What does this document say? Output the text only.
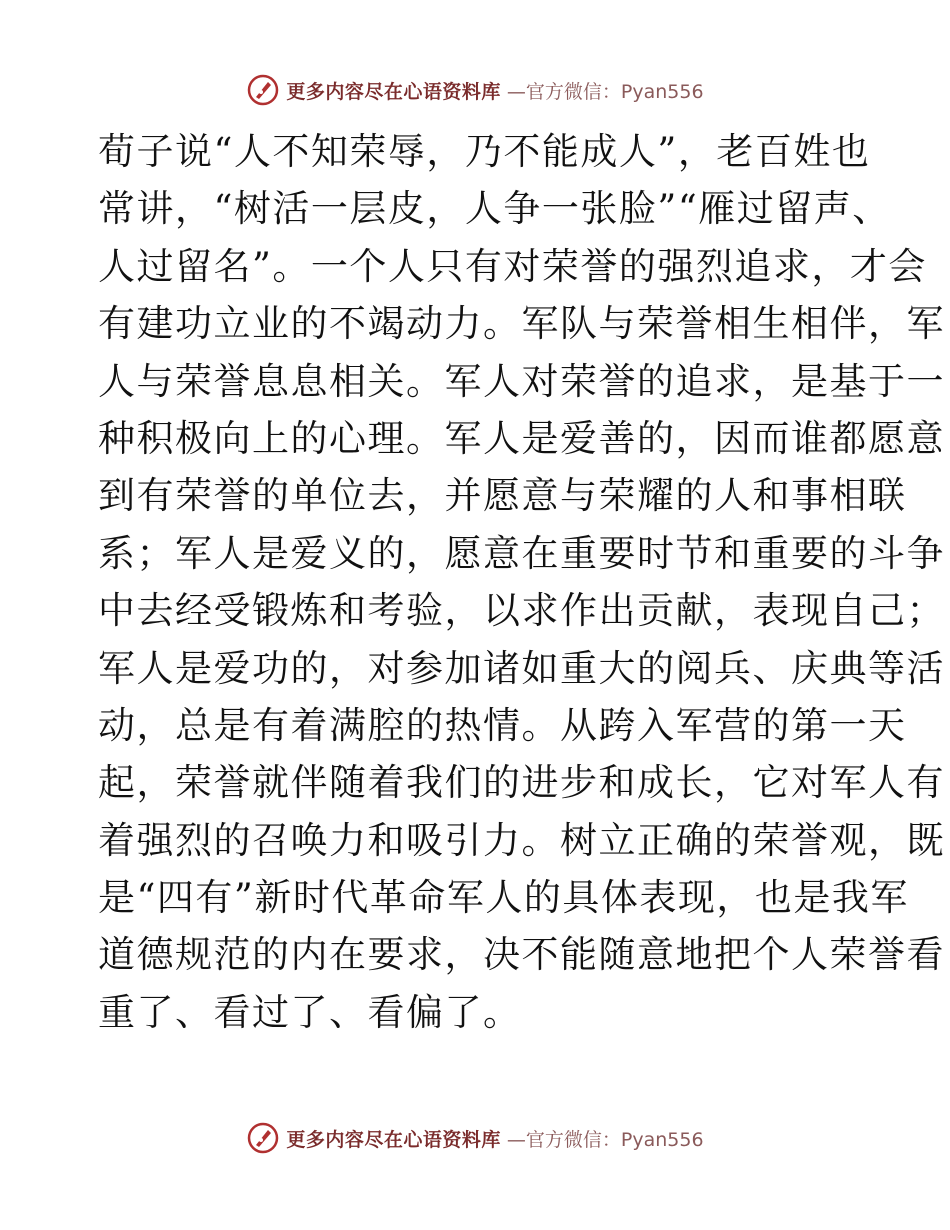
更多内容尽在心语资料库 —官方微信：Pyan556
荀子说“人不知荣辱，乃不能成人”，老百姓也
常讲，“树活一层皮，人争一张脸”“雁过留声、
人过留名”。一个人只有对荣誉的强烈追求，才会
有建功立业的不竭动力。军队与荣誉相生相伴，军
人与荣誉息息相关。军人对荣誉的追求，是基于一
种积极向上的心理。军人是爱善的，因而谁都愿意
到有荣誉的单位去，并愿意与荣耀的人和事相联
系；军人是爱义的，愿意在重要时节和重要的斗争
中去经受锻炼和考验，以求作出贡献，表现自己；
军人是爱功的，对参加诸如重大的阅兵、庆典等活
动，总是有着满腔的热情。从跨入军营的第一天
起，荣誉就伴随着我们的进步和成长，它对军人有
着强烈的召唤力和吸引力。树立正确的荣誉观，既
是“四有”新时代革命军人的具体表现，也是我军
道德规范的内在要求，决不能随意地把个人荣誉看
重了、看过了、看偏了。
更多内容尽在心语资料库 —官方微信：Pyan556
